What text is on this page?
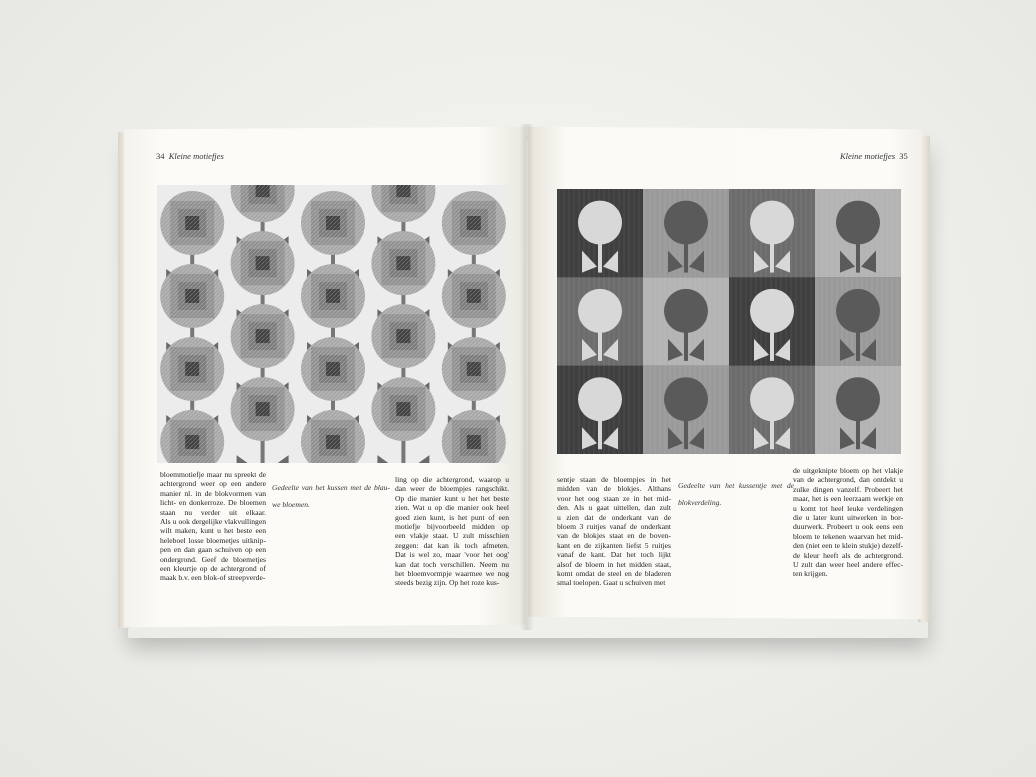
34 Kleine motiefjes	Kleine motiefjes 35

bloemmotiefje maar nu spreekt de

achtergrond weer op een andere

manier nl. in de blokvormen van

licht- en donkerroze. De bloemen

staan nu verder uit elkaar.

Als u ook dergelijke vlakvullingen

wilt maken, kunt u het beste een

heleboel losse bloemetjes uitknip-

pen en dan gaan schuiven op een

ondergrond. Geef de bloemetjes

een kleurtje op de achtergrond of

maak b.v. een blok-of streepverde-

Gedeelte van het kussen met de blau-

we bloemen.

ling op die achtergrond, waarop u

dan weer de bloempjes rangschikt.

Op die manier kunt u het het beste

zien. Wat u op die manier ook heel

goed zien kunt, is het punt of een

motiefje bijvoorbeeld midden op

een vlakje staat. U zult misschien

zeggen: dat kan ik toch afmeten.

Dat is wel zo, maar 'voor het oog'

kan dat toch verschillen. Neem nu

het bloemvormpje waarmee we nog

steeds bezig zijn. Op het roze kus-

sentje staan de bloempjes in het

midden van de blokjes. Althans

voor het oog staan ze in het mid-

den. Als u gaat uittellen, dan zult

u zien dat de onderkant van de

bloem 3 ruitjes vanaf de onderkant

van de blokjes staat en de boven-

kant en de zijkanten liefst 5 ruitjes

vanaf de kant. Dat het toch lijkt

alsof de bloem in het midden staat,

komt omdat de steel en de bladeren

smal toelopen. Gaat u schuiven met

Gedeelte van het kussentje met de

blokverdeling.

de uitgeknipte bloem op het vlakje

van de achtergrond, dan ontdekt u

zulke dingen vanzelf. Probeert het

maar, het is een leerzaam werkje en

u komt tot heel leuke verdelingen

die u later kunt uitwerken in bor-

duurwerk. Probeert u ook eens een

bloem te tekenen waarvan het mid-

den (niet een te klein stukje) dezelf-

de kleur heeft als de achtergrond.

U zult dan weer heel andere effec-

ten krijgen.
